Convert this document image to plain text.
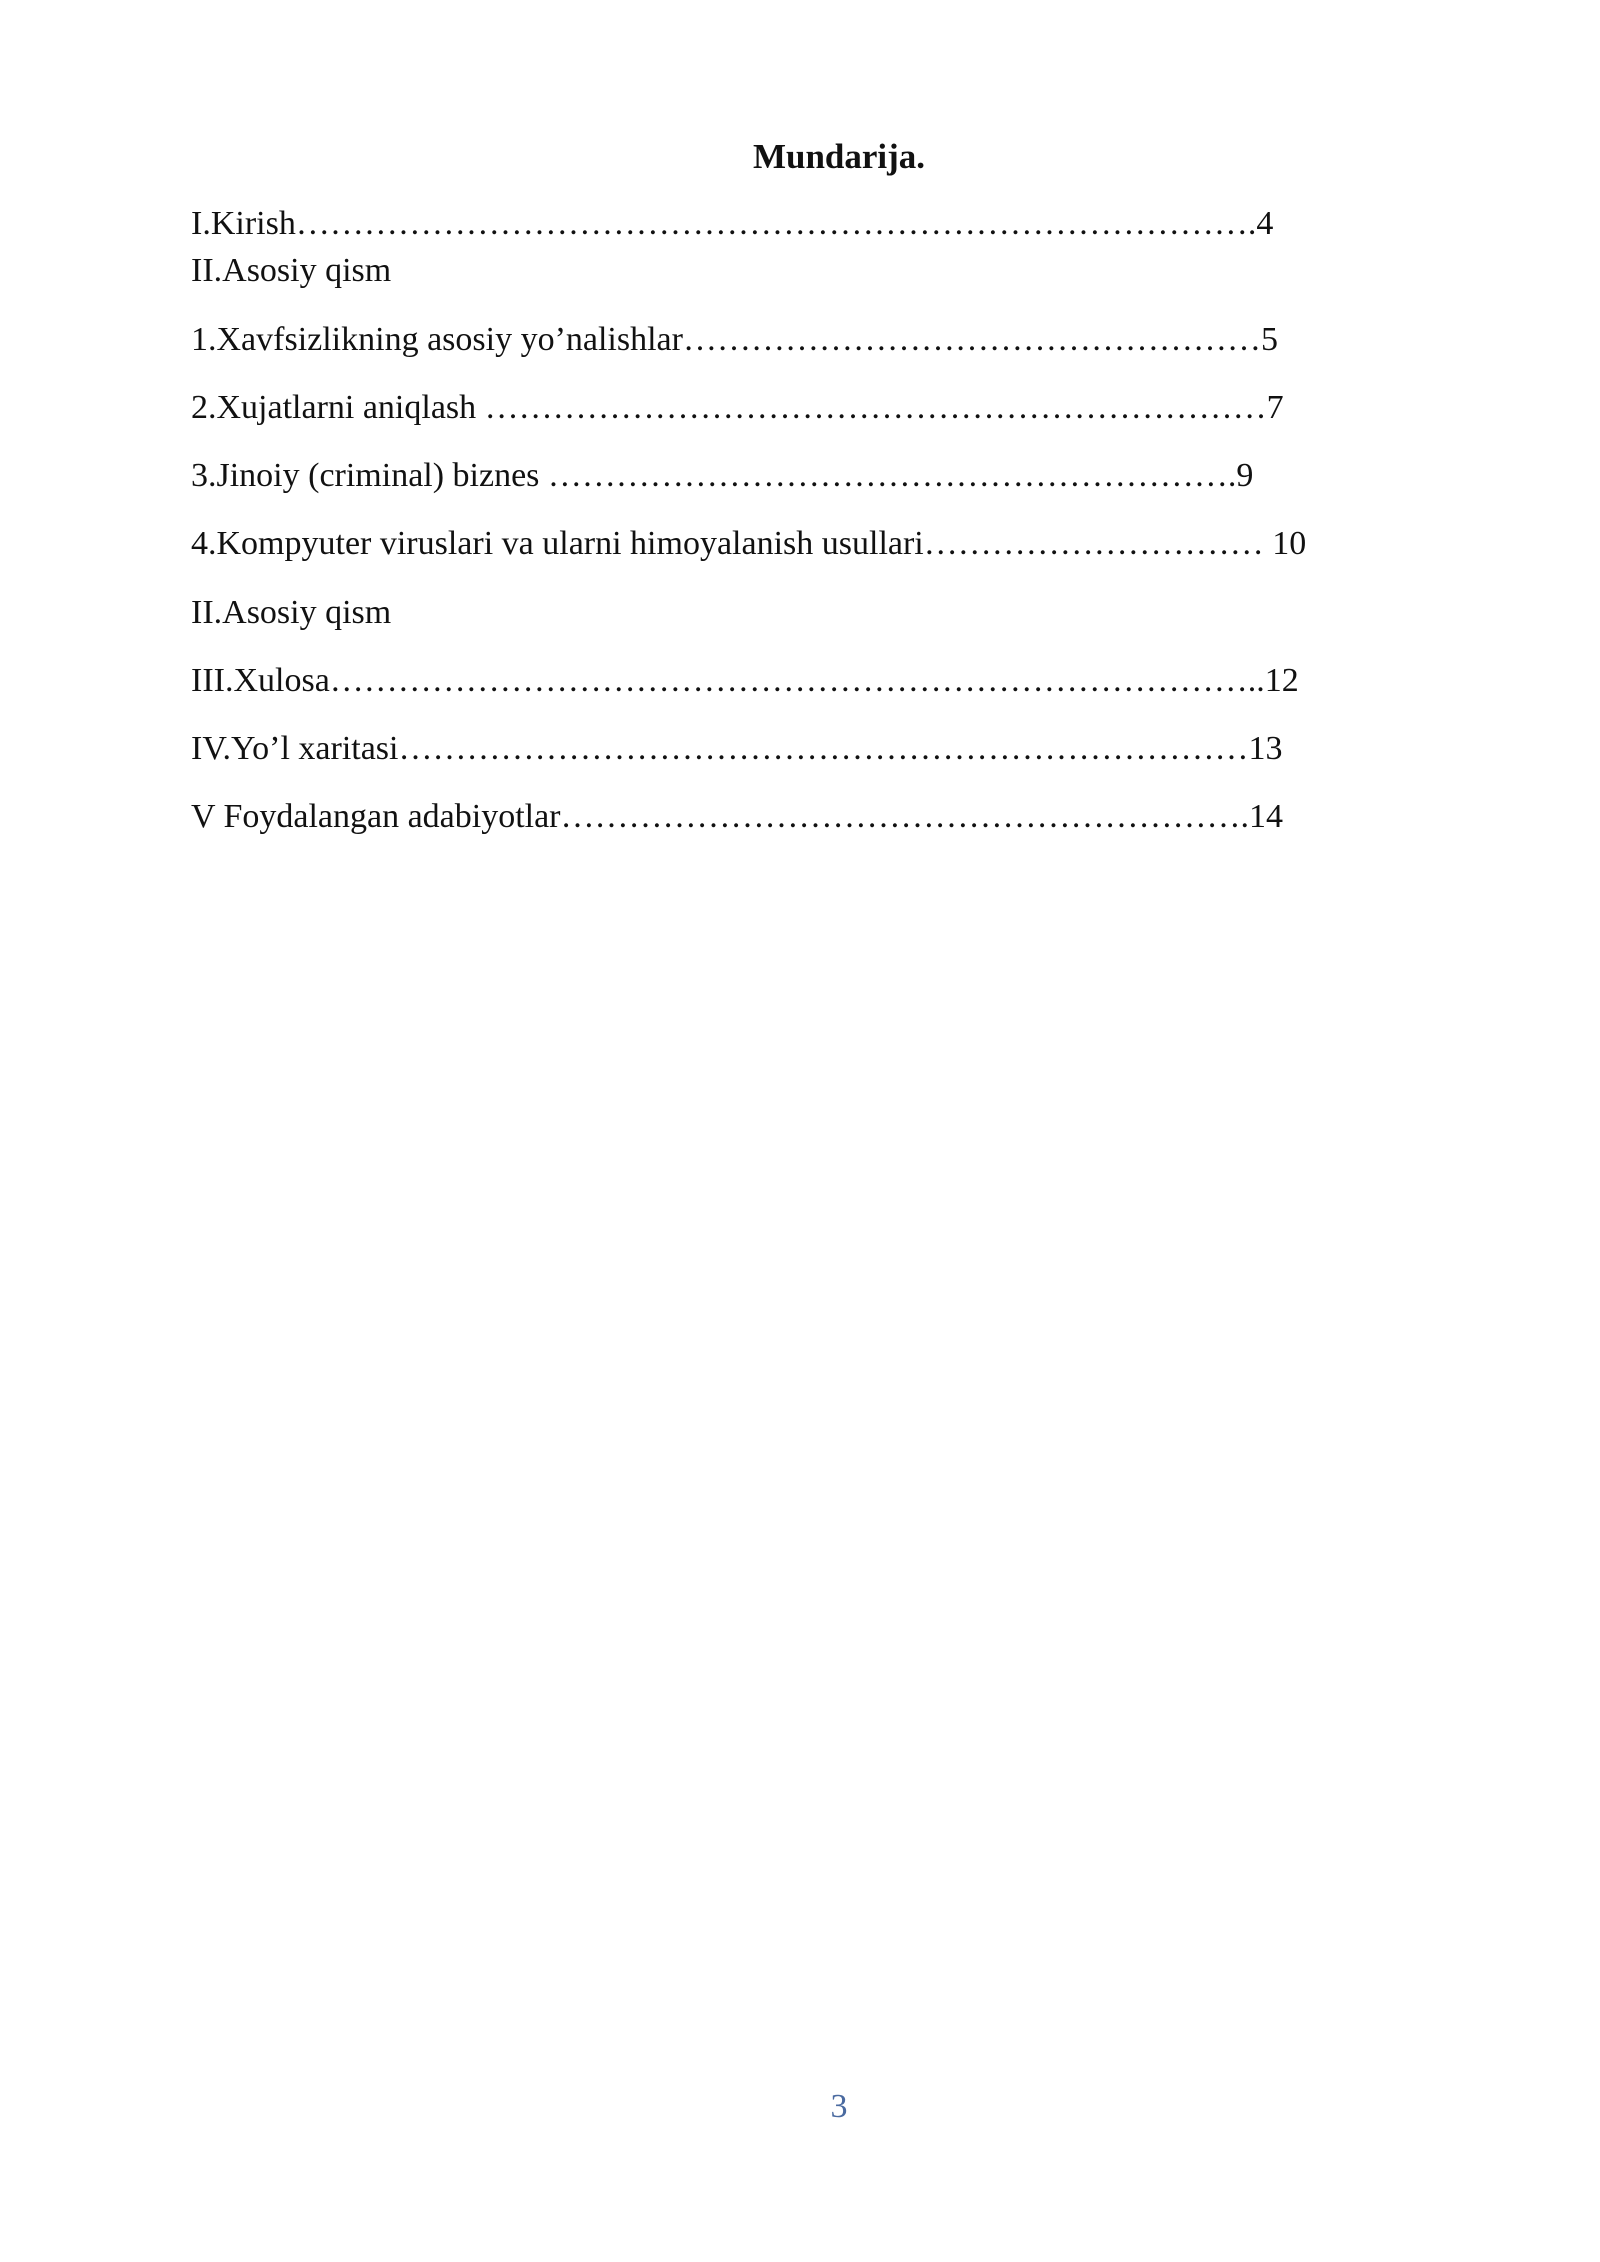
Mundarija.
I.Kirish………………………………………………………………………….4
II.Asosiy qism
1.Xavfsizlikning asosiy yo’nalishlar……………………………………………5
2.Xujatlarni aniqlash ……………………………………………………………7
3.Jinoiy (criminal) biznes …………………………………………………….9
4.Kompyuter viruslari va ularni himoyalanish usullari………………………… 10
II.Asosiy qism
III.Xulosa………………………………………………………………………..12
IV.Yo’l xaritasi…………………………………………………………………13
V Foydalangan adabiyotlar…………………………………………………….14
3
